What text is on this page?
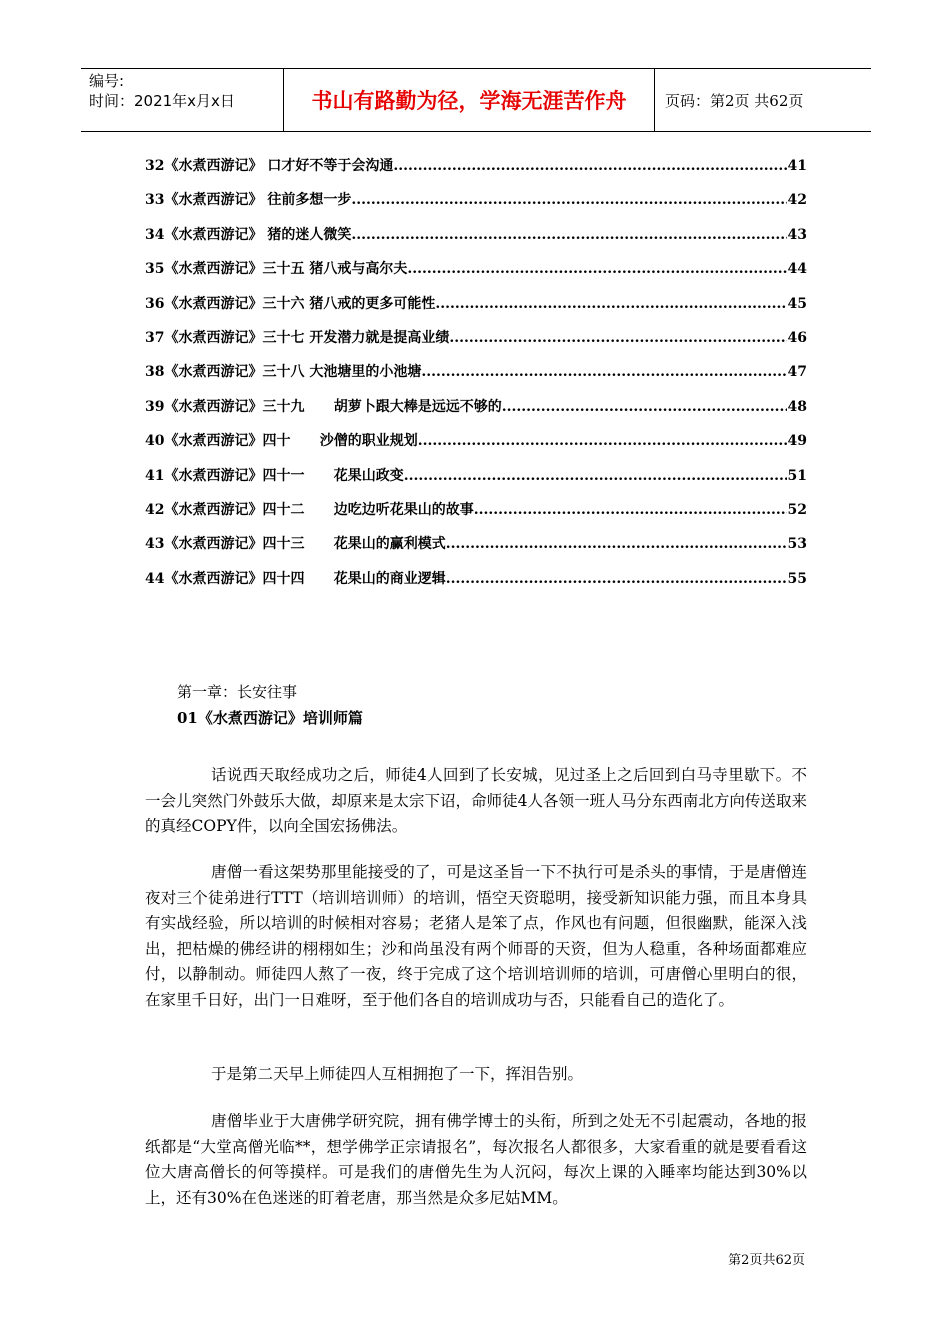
编号:
时间：2021年x月x日	书山有路勤为径，学海无涯苦作舟	页码：第2页 共62页
32《水煮西游记》 口才好不等于会沟通 .....	41
33《水煮西游记》 往前多想一步 .....	42
34《水煮西游记》 猪的迷人微笑 .....	43
35《水煮西游记》三十五 猪八戒与高尔夫 .....	44
36《水煮西游记》三十六 猪八戒的更多可能性 .....	45
37《水煮西游记》三十七 开发潜力就是提高业绩 .....	46
38《水煮西游记》三十八 大池塘里的小池塘 .....	47
39《水煮西游记》三十九      胡萝卜跟大棒是远远不够的 .....	48
40《水煮西游记》四十      沙僧的职业规划 .....	49
41《水煮西游记》四十一      花果山政变 .....	51
42《水煮西游记》四十二      边吃边听花果山的故事 .....	52
43《水煮西游记》四十三      花果山的赢利模式 .....	53
44《水煮西游记》四十四      花果山的商业逻辑 .....	55
第一章：长安往事
01《水煮西游记》培训师篇

话说西天取经成功之后，师徒4人回到了长安城，见过圣上之后回到白马寺里歇下。不一会儿突然门外鼓乐大做，却原来是太宗下诏，命师徒4人各领一班人马分东西南北方向传送取来的真经COPY件，以向全国宏扬佛法。

唐僧一看这架势那里能接受的了，可是这圣旨一下不执行可是杀头的事情，于是唐僧连夜对三个徒弟进行TTT（培训培训师）的培训，悟空天资聪明，接受新知识能力强，而且本身具有实战经验，所以培训的时候相对容易；老猪人是笨了点，作风也有问题，但很幽默，能深入浅出，把枯燥的佛经讲的栩栩如生；沙和尚虽没有两个师哥的天资，但为人稳重，各种场面都难应付，以静制动。师徒四人熬了一夜，终于完成了这个培训培训师的培训，可唐僧心里明白的很，在家里千日好，出门一日难呀，至于他们各自的培训成功与否，只能看自己的造化了。

于是第二天早上师徒四人互相拥抱了一下，挥泪告别。

唐僧毕业于大唐佛学研究院，拥有佛学博士的头衔，所到之处无不引起震动，各地的报纸都是“大堂高僧光临**，想学佛学正宗请报名”，每次报名人都很多，大家看重的就是要看看这位大唐高僧长的何等摸样。可是我们的唐僧先生为人沉闷，每次上课的入睡率均能达到30%以上，还有30%在色迷迷的盯着老唐，那当然是众多尼姑MM。

第2页共62页
